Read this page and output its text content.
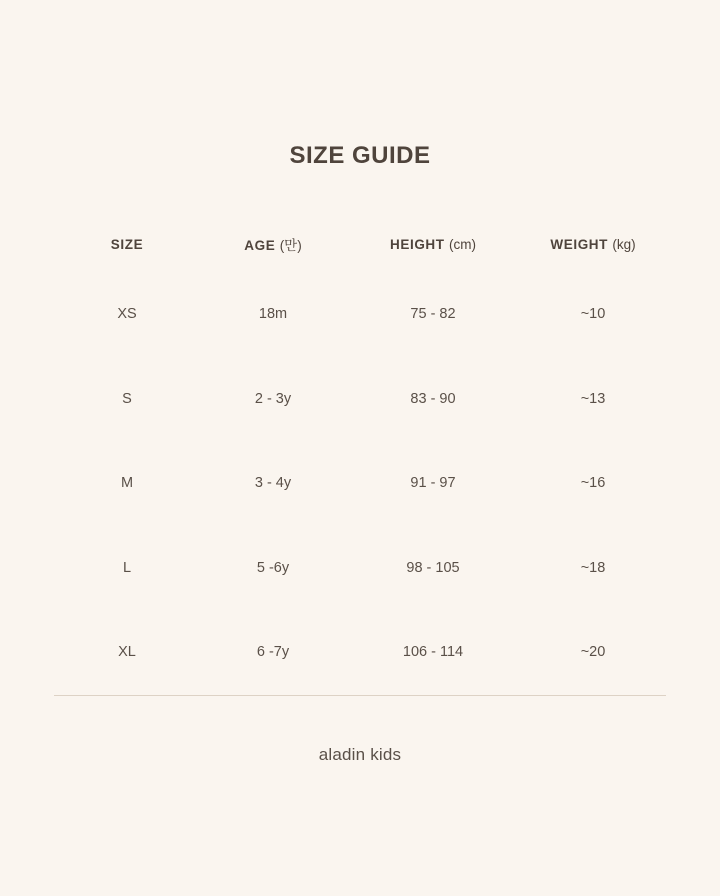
SIZE GUIDE
SIZE	AGE (만)	HEIGHT (cm)	WEIGHT (kg)
XS	18m	75 - 82	~10
S	2 - 3y	83 - 90	~13
M	3 - 4y	91 - 97	~16
L	5 -6y	98 - 105	~18
XL	6 -7y	106 - 114	~20
aladin kids
